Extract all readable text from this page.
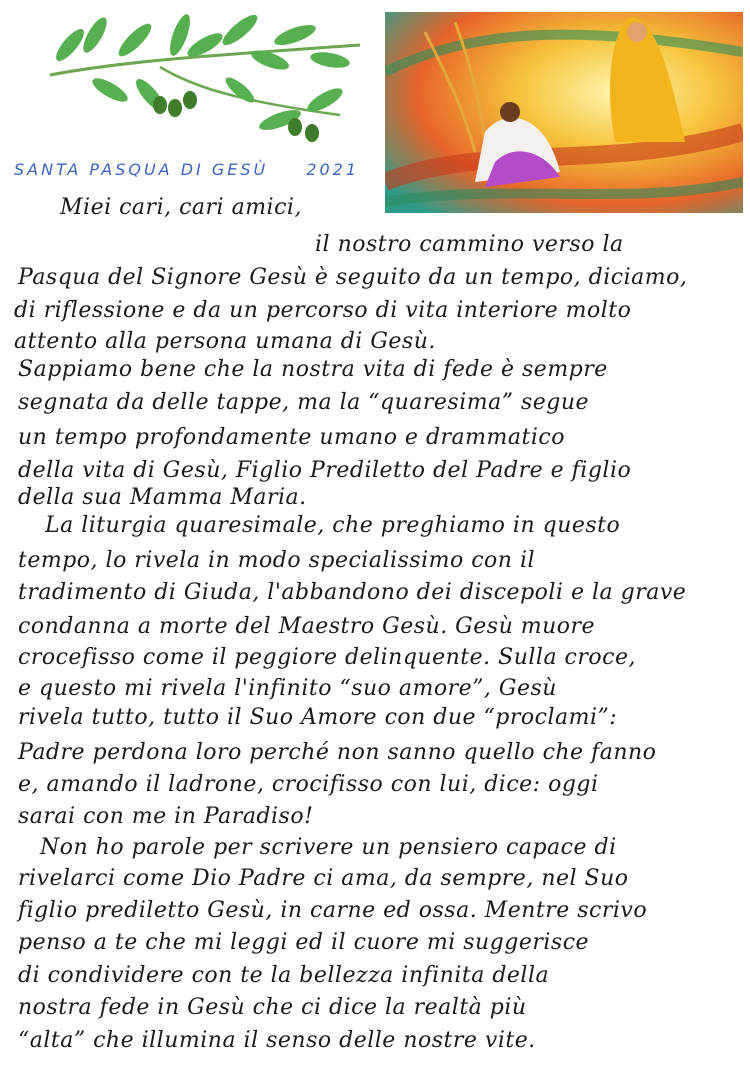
SANTA PASQUA DI GESÙ 2021
Miei cari, cari amici,
il nostro cammino verso la
Pasqua del Signore Gesù è seguito da un tempo, diciamo,
di riflessione e da un percorso di vita interiore molto
attento alla persona umana di Gesù.
Sappiamo bene che la nostra vita di fede è sempre
segnata da delle tappe, ma la “quaresima” segue
un tempo profondamente umano e drammatico
della vita di Gesù, Figlio Prediletto del Padre e figlio
della sua Mamma Maria.
La liturgia quaresimale, che preghiamo in questo
tempo, lo rivela in modo specialissimo con il
tradimento di Giuda, l'abbandono dei discepoli e la grave
condanna a morte del Maestro Gesù. Gesù muore
crocefisso come il peggiore delinquente. Sulla croce,
e questo mi rivela l'infinito “suo amore”, Gesù
rivela tutto, tutto il Suo Amore con due “proclami”:
Padre perdona loro perché non sanno quello che fanno
e, amando il ladrone, crocifisso con lui, dice: oggi
sarai con me in Paradiso!
Non ho parole per scrivere un pensiero capace di
rivelarci come Dio Padre ci ama, da sempre, nel Suo
figlio prediletto Gesù, in carne ed ossa. Mentre scrivo
penso a te che mi leggi ed il cuore mi suggerisce
di condividere con te la bellezza infinita della
nostra fede in Gesù che ci dice la realtà più
“alta” che illumina il senso delle nostre vite.
